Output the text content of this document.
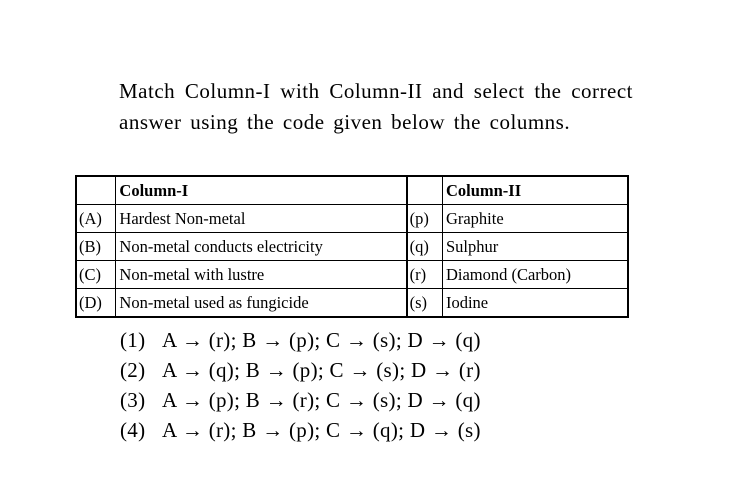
Match Column-I with Column-II and select the correct answer using the code given below the columns.
	Column-I		Column-II
(A)	Hardest Non-metal	(p)	Graphite
(B)	Non-metal conducts electricity	(q)	Sulphur
(C)	Non-metal with lustre	(r)	Diamond (Carbon)
(D)	Non-metal used as fungicide	(s)	Iodine
(1) A → (r); B → (p); C → (s); D → (q)
(2) A → (q); B → (p); C → (s); D → (r)
(3) A → (p); B → (r); C → (s); D → (q)
(4) A → (r); B → (p); C → (q); D → (s)
